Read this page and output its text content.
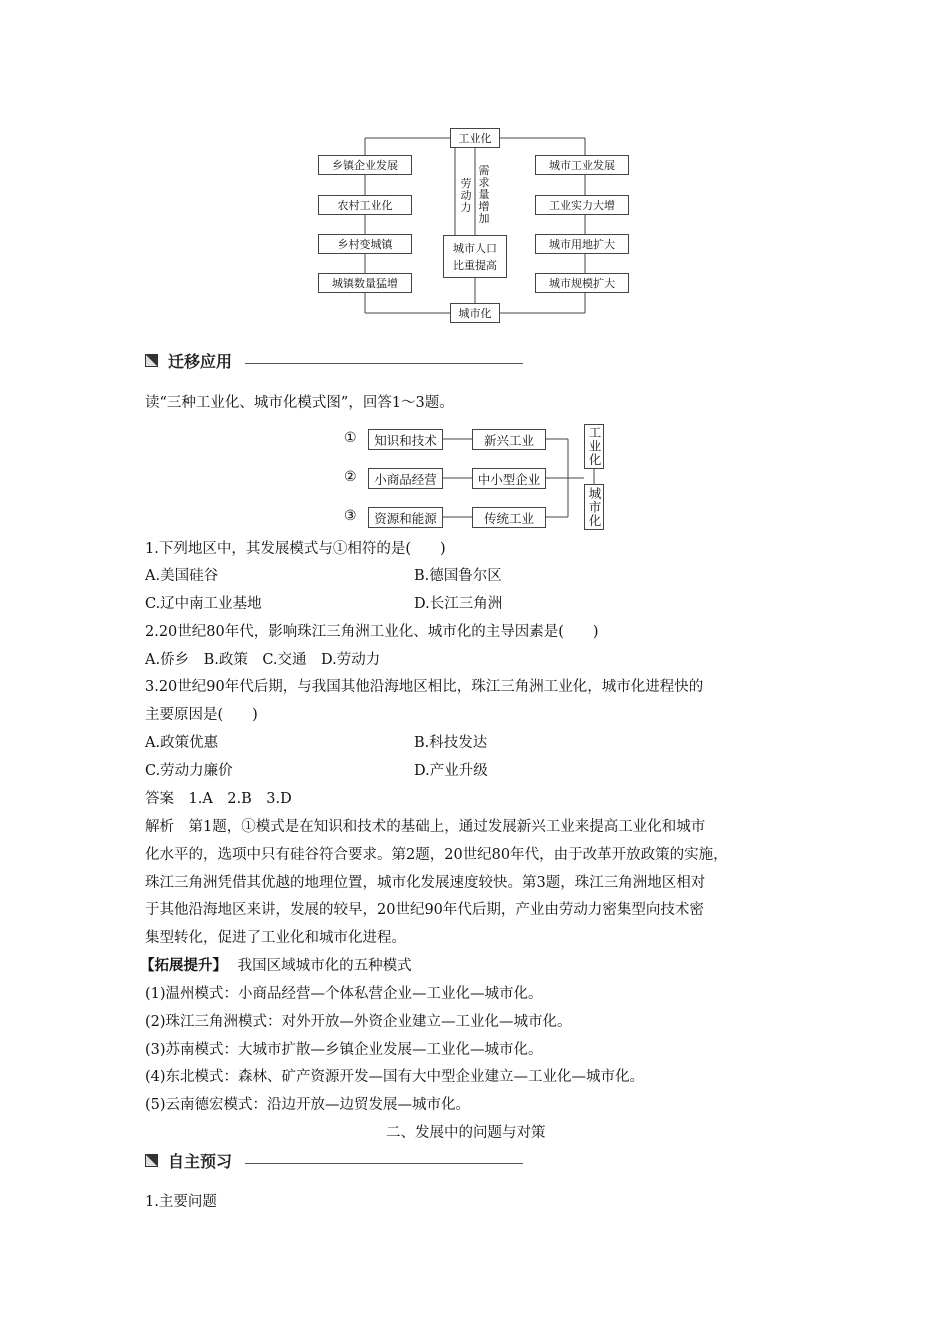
工业化
乡镇企业发展
农村工业化
乡村变城镇
城镇数量猛增
城市工业发展
工业实力大增
城市用地扩大
城市规模扩大
城市人口
比重提高
劳动力
需求量增加
城市化
迁移应用
读“三种工业化、城市化模式图”，回答1～3题。
①
②
③
知识和技术
小商品经营
资源和能源
新兴工业
中小型企业
传统工业
工业化
城市化
1.下列地区中，其发展模式与①相符的是(　　)
A.美国硅谷	B.德国鲁尔区
C.辽中南工业基地	D.长江三角洲
2.20世纪80年代，影响珠江三角洲工业化、城市化的主导因素是(　　)
A.侨乡　B.政策　C.交通　D.劳动力
3.20世纪90年代后期，与我国其他沿海地区相比，珠江三角洲工业化，城市化进程快的
主要原因是(　　)
A.政策优惠	B.科技发达
C.劳动力廉价	D.产业升级
答案　1.A　2.B　3.D
解析　第1题，①模式是在知识和技术的基础上，通过发展新兴工业来提高工业化和城市
化水平的，选项中只有硅谷符合要求。第2题，20世纪80年代，由于改革开放政策的实施，
珠江三角洲凭借其优越的地理位置，城市化发展速度较快。第3题，珠江三角洲地区相对
于其他沿海地区来讲，发展的较早，20世纪90年代后期，产业由劳动力密集型向技术密
集型转化，促进了工业化和城市化进程。
【拓展提升】 我国区域城市化的五种模式
(1)温州模式：小商品经营—个体私营企业—工业化—城市化。
(2)珠江三角洲模式：对外开放—外资企业建立—工业化—城市化。
(3)苏南模式：大城市扩散—乡镇企业发展—工业化—城市化。
(4)东北模式：森林、矿产资源开发—国有大中型企业建立—工业化—城市化。
(5)云南德宏模式：沿边开放—边贸发展—城市化。
二、发展中的问题与对策
自主预习
1.主要问题
